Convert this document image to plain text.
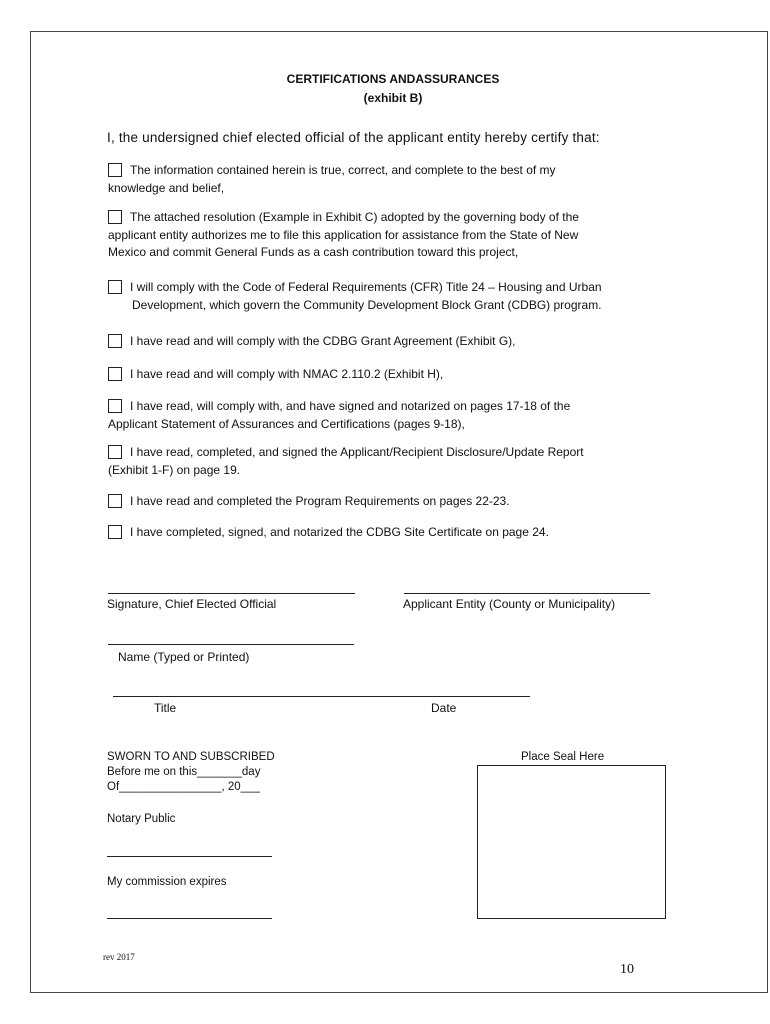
CERTIFICATIONS ANDASSURANCES
(exhibit B)
I, the undersigned chief elected official of the applicant entity hereby certify that:
The information contained herein is true, correct, and complete to the best of my
knowledge and belief,
The attached resolution (Example in Exhibit C) adopted by the governing body of the
applicant entity authorizes me to file this application for assistance from the State of New
Mexico and commit General Funds as a cash contribution toward this project,
I will comply with the Code of Federal Requirements (CFR) Title 24 – Housing and Urban
Development, which govern the Community Development Block Grant (CDBG) program.
I have read and will comply with the CDBG Grant Agreement (Exhibit G),
I have read and will comply with NMAC 2.110.2 (Exhibit H),
I have read, will comply with, and have signed and notarized on pages 17-18 of the
Applicant Statement of Assurances and Certifications (pages 9-18),
I have read, completed, and signed the Applicant/Recipient Disclosure/Update Report
(Exhibit 1-F) on page 19.
I have read and completed the Program Requirements on pages 22-23.
I have completed, signed, and notarized the CDBG Site Certificate on page 24.
Signature, Chief Elected Official	Applicant Entity (County or Municipality)
Name (Typed or Printed)
Title	Date
SWORN TO AND SUBSCRIBED
Before me on this_______day
Of________________, 20___
Notary Public
My commission expires
Place Seal Here
rev 2017
10
